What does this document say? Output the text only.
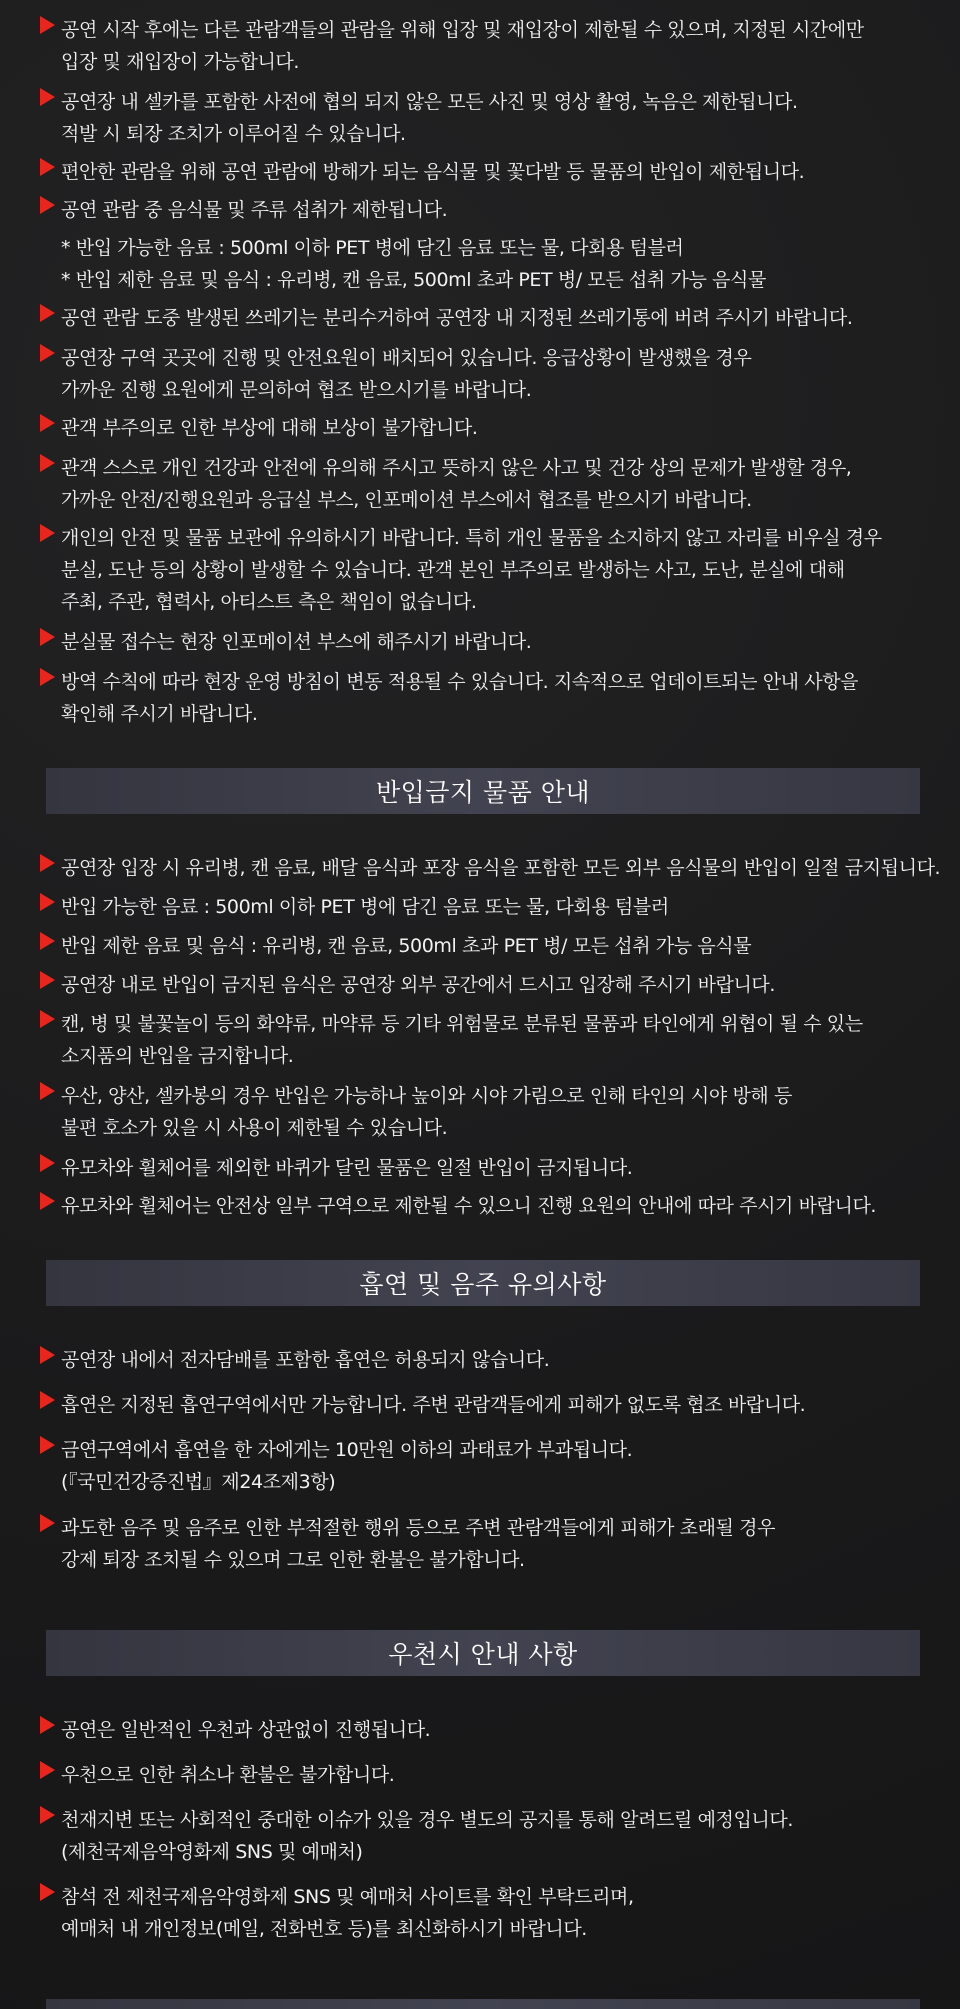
공연 시작 후에는 다른 관람객들의 관람을 위해 입장 및 재입장이 제한될 수 있으며, 지정된 시간에만
입장 및 재입장이 가능합니다.
공연장 내 셀카를 포함한 사전에 협의 되지 않은 모든 사진 및 영상 촬영, 녹음은 제한됩니다.
적발 시 퇴장 조치가 이루어질 수 있습니다.
편안한 관람을 위해 공연 관람에 방해가 되는 음식물 및 꽃다발 등 물품의 반입이 제한됩니다.
공연 관람 중 음식물 및 주류 섭취가 제한됩니다.
* 반입 가능한 음료 : 500ml 이하 PET 병에 담긴 음료 또는 물, 다회용 텀블러
* 반입 제한 음료 및 음식 : 유리병, 캔 음료, 500ml 초과 PET 병/ 모든 섭취 가능 음식물
공연 관람 도중 발생된 쓰레기는 분리수거하여 공연장 내 지정된 쓰레기통에 버려 주시기 바랍니다.
공연장 구역 곳곳에 진행 및 안전요원이 배치되어 있습니다. 응급상황이 발생했을 경우
가까운 진행 요원에게 문의하여 협조 받으시기를 바랍니다.
관객 부주의로 인한 부상에 대해 보상이 불가합니다.
관객 스스로 개인 건강과 안전에 유의해 주시고 뜻하지 않은 사고 및 건강 상의 문제가 발생할 경우,
가까운 안전/진행요원과 응급실 부스, 인포메이션 부스에서 협조를 받으시기 바랍니다.
개인의 안전 및 물품 보관에 유의하시기 바랍니다. 특히 개인 물품을 소지하지 않고 자리를 비우실 경우
분실, 도난 등의 상황이 발생할 수 있습니다. 관객 본인 부주의로 발생하는 사고, 도난, 분실에 대해
주최, 주관, 협력사, 아티스트 측은 책임이 없습니다.
분실물 접수는 현장 인포메이션 부스에 해주시기 바랍니다.
방역 수칙에 따라 현장 운영 방침이 변동 적용될 수 있습니다. 지속적으로 업데이트되는 안내 사항을
확인해 주시기 바랍니다.
반입금지 물품 안내
공연장 입장 시 유리병, 캔 음료, 배달 음식과 포장 음식을 포함한 모든 외부 음식물의 반입이 일절 금지됩니다.
반입 가능한 음료 : 500ml 이하 PET 병에 담긴 음료 또는 물, 다회용 텀블러
반입 제한 음료 및 음식 : 유리병, 캔 음료, 500ml 초과 PET 병/ 모든 섭취 가능 음식물
공연장 내로 반입이 금지된 음식은 공연장 외부 공간에서 드시고 입장해 주시기 바랍니다.
캔, 병 및 불꽃놀이 등의 화약류, 마약류 등 기타 위험물로 분류된 물품과 타인에게 위협이 될 수 있는
소지품의 반입을 금지합니다.
우산, 양산, 셀카봉의 경우 반입은 가능하나 높이와 시야 가림으로 인해 타인의 시야 방해 등
불편 호소가 있을 시 사용이 제한될 수 있습니다.
유모차와 휠체어를 제외한 바퀴가 달린 물품은 일절 반입이 금지됩니다.
유모차와 휠체어는 안전상 일부 구역으로 제한될 수 있으니 진행 요원의 안내에 따라 주시기 바랍니다.
흡연 및 음주 유의사항
공연장 내에서 전자담배를 포함한 흡연은 허용되지 않습니다.
흡연은 지정된 흡연구역에서만 가능합니다. 주변 관람객들에게 피해가 없도록 협조 바랍니다.
금연구역에서 흡연을 한 자에게는 10만원 이하의 과태료가 부과됩니다.
(『국민건강증진법』제24조제3항)
과도한 음주 및 음주로 인한 부적절한 행위 등으로 주변 관람객들에게 피해가 초래될 경우
강제 퇴장 조치될 수 있으며 그로 인한 환불은 불가합니다.
우천시 안내 사항
공연은 일반적인 우천과 상관없이 진행됩니다.
우천으로 인한 취소나 환불은 불가합니다.
천재지변 또는 사회적인 중대한 이슈가 있을 경우 별도의 공지를 통해 알려드릴 예정입니다.
(제천국제음악영화제 SNS 및 예매처)
참석 전 제천국제음악영화제 SNS 및 예매처 사이트를 확인 부탁드리며,
예매처 내 개인정보(메일, 전화번호 등)를 최신화하시기 바랍니다.
